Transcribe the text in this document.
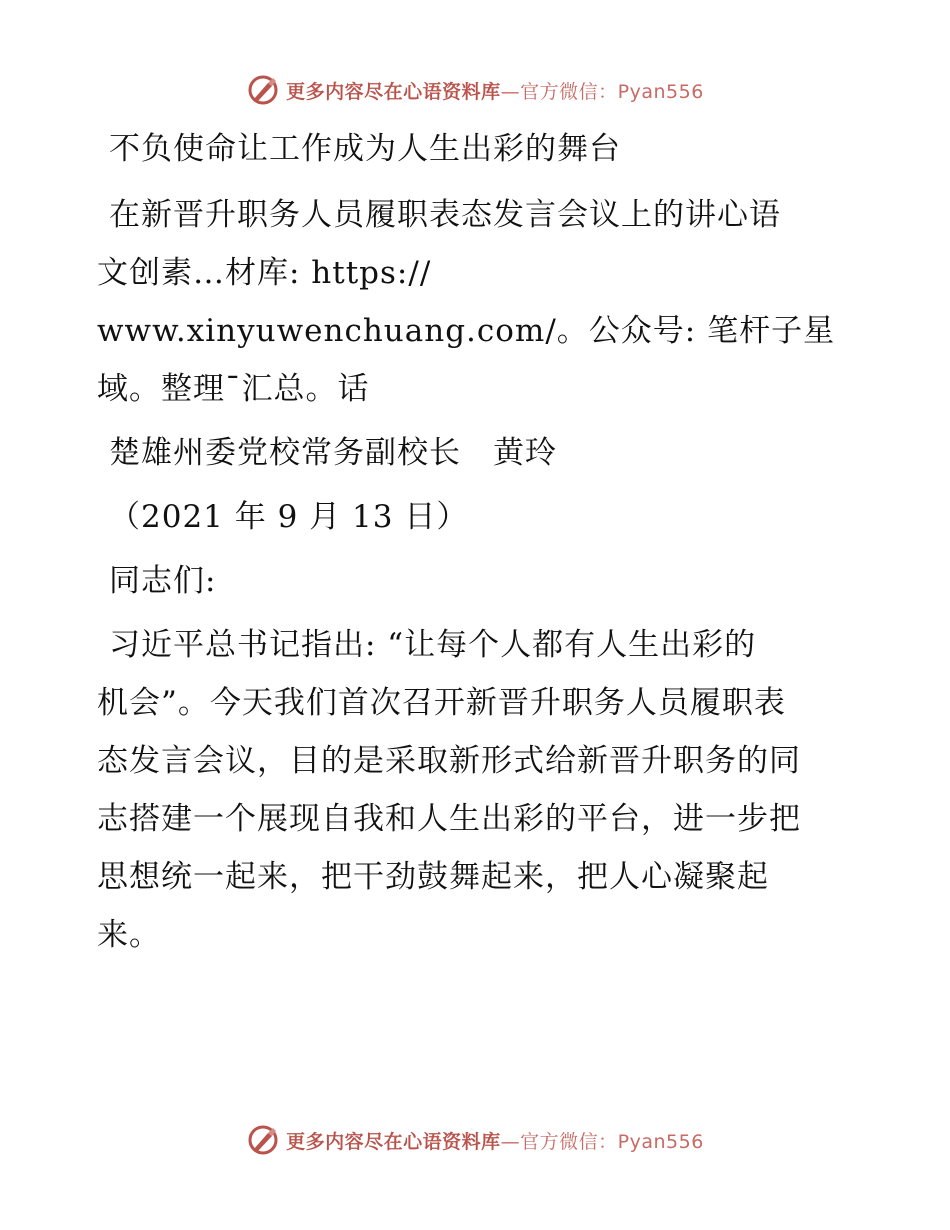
更多内容尽在心语资料库—官方微信：Pyan556
不负使命让工作成为人生出彩的舞台
在新晋升职务人员履职表态发言会议上的讲心语
文创素…材库: https://
www.xinyuwenchuang.com/。公众号: 笔杆子星
域。整理¯汇总。话
楚雄州委党校常务副校长　黄玲
（2021 年 9 月 13 日）
同志们:
习近平总书记指出: “让每个人都有人生出彩的
机会”。今天我们首次召开新晋升职务人员履职表
态发言会议，目的是采取新形式给新晋升职务的同
志搭建一个展现自我和人生出彩的平台，进一步把
思想统一起来，把干劲鼓舞起来，把人心凝聚起
来。
更多内容尽在心语资料库—官方微信：Pyan556
